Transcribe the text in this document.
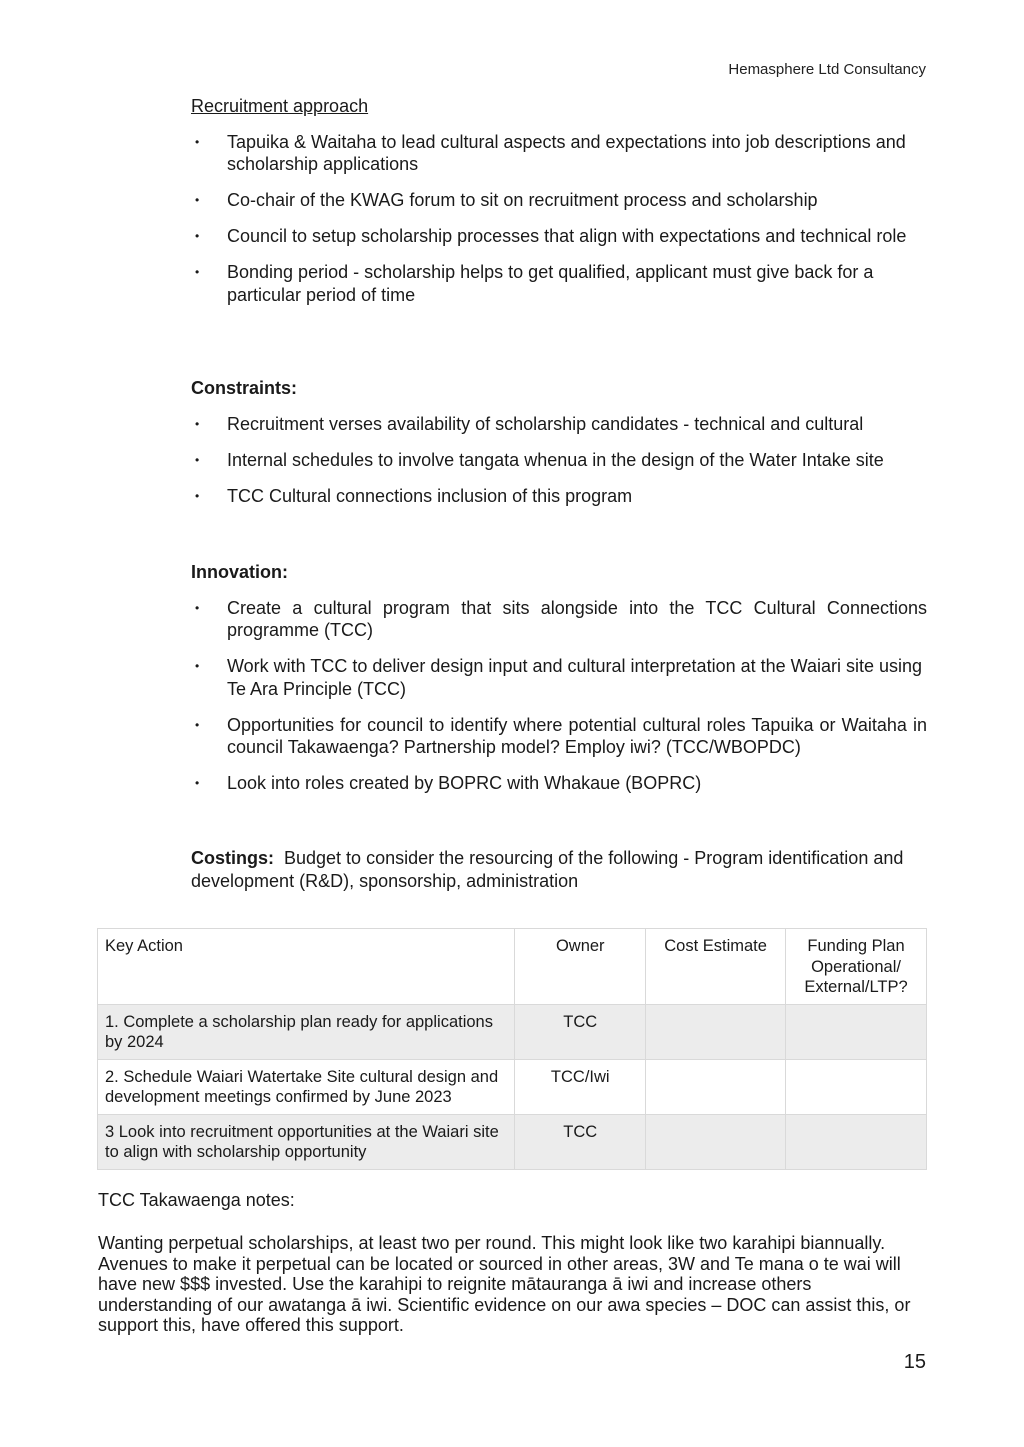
Hemasphere Ltd Consultancy
Recruitment approach
• Tapuika & Waitaha to lead cultural aspects and expectations into job descriptions and scholarship applications
• Co-chair of the KWAG forum to sit on recruitment process and scholarship
• Council to setup scholarship processes that align with expectations and technical role
• Bonding period - scholarship helps to get qualified, applicant must give back for a particular period of time
Constraints:
• Recruitment verses availability of scholarship candidates - technical and cultural
• Internal schedules to involve tangata whenua in the design of the Water Intake site
• TCC Cultural connections inclusion of this program
Innovation:
• Create a cultural program that sits alongside into the TCC Cultural Connections programme (TCC)
• Work with TCC to deliver design input and cultural interpretation at the Waiari site using Te Ara Principle (TCC)
• Opportunities for council to identify where potential cultural roles Tapuika or Waitaha in council Takawaenga? Partnership model? Employ iwi? (TCC/WBOPDC)
• Look into roles created by BOPRC with Whakaue (BOPRC)
Costings: Budget to consider the resourcing of the following - Program identification and development (R&D), sponsorship, administration
Key Action	Owner	Cost Estimate	Funding Plan Operational/ External/LTP?
1. Complete a scholarship plan ready for applications by 2024	TCC		
2. Schedule Waiari Watertake Site cultural design and development meetings confirmed by June 2023	TCC/Iwi		
3 Look into recruitment opportunities at the Waiari site to align with scholarship opportunity	TCC		
TCC Takawaenga notes:
Wanting perpetual scholarships, at least two per round. This might look like two karahipi biannually. Avenues to make it perpetual can be located or sourced in other areas, 3W and Te mana o te wai will have new $$$ invested. Use the karahipi to reignite mātauranga ā iwi and increase others understanding of our awatanga ā iwi. Scientific evidence on our awa species – DOC can assist this, or support this, have offered this support.
15
